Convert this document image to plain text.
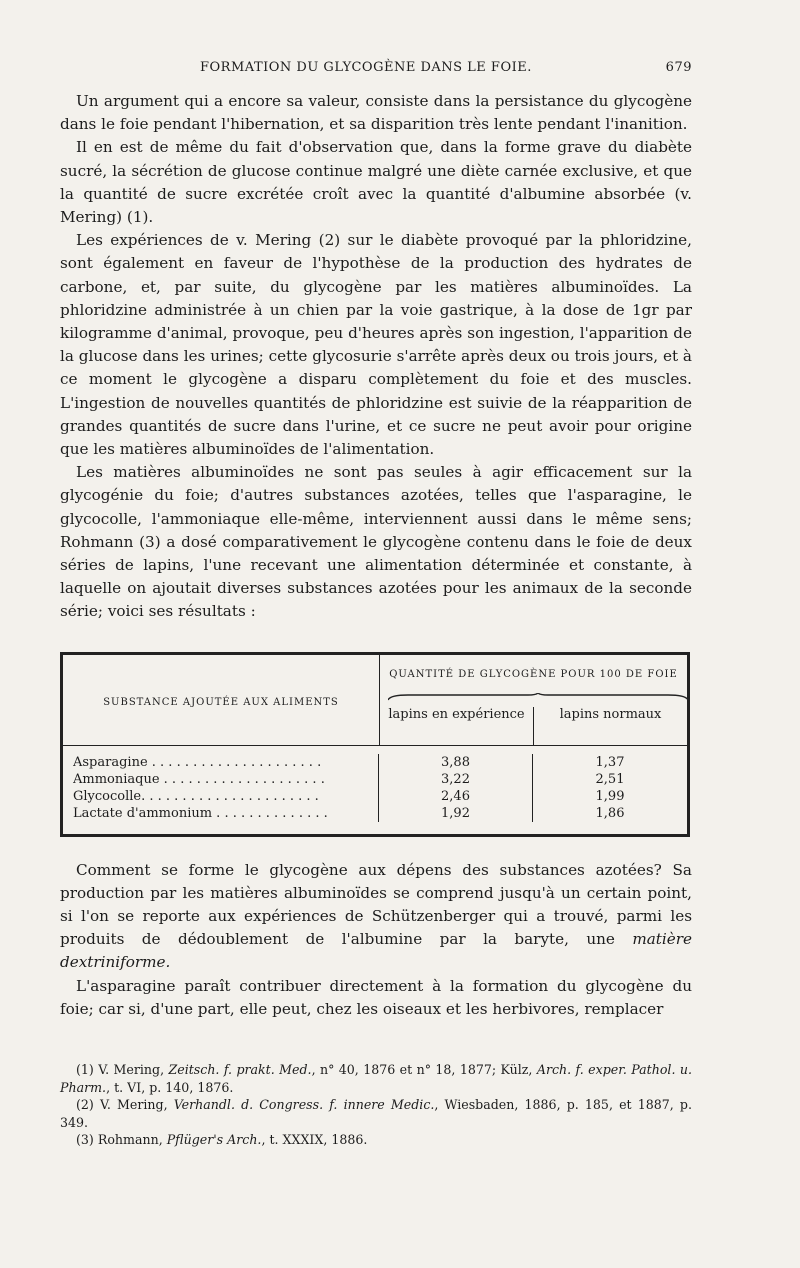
FORMATION DU GLYCOGÈNE DANS LE FOIE.	679

Un argument qui a encore sa valeur, consiste dans la persistance du glycogène dans le foie pendant l'hibernation, et sa disparition très lente pendant l'inanition.

Il en est de même du fait d'observation que, dans la forme grave du diabète sucré, la sécrétion de glucose continue malgré une diète carnée exclusive, et que la quantité de sucre excrétée croît avec la quantité d'albumine absorbée (v. Mering) (1).

Les expériences de v. Mering (2) sur le diabète provoqué par la phloridzine, sont également en faveur de l'hypothèse de la production des hydrates de carbone, et, par suite, du glycogène par les matières albuminoïdes. La phloridzine administrée à un chien par la voie gastrique, à la dose de 1gr par kilogramme d'animal, provoque, peu d'heures après son ingestion, l'apparition de la glucose dans les urines; cette glycosurie s'arrête après deux ou trois jours, et à ce moment le glycogène a disparu complètement du foie et des muscles. L'ingestion de nouvelles quantités de phloridzine est suivie de la réapparition de grandes quantités de sucre dans l'urine, et ce sucre ne peut avoir pour origine que les matières albuminoïdes de l'alimentation.

Les matières albuminoïdes ne sont pas seules à agir efficacement sur la glycogénie du foie; d'autres substances azotées, telles que l'asparagine, le glycocolle, l'ammoniaque elle-même, interviennent aussi dans le même sens; Rohmann (3) a dosé comparativement le glycogène contenu dans le foie de deux séries de lapins, l'une recevant une alimentation déterminée et constante, à laquelle on ajoutait diverses substances azotées pour les animaux de la seconde série; voici ses résultats :

SUBSTANCE AJOUTÉE AUX ALIMENTS
QUANTITÉ DE GLYCOGÈNE POUR 100 DE FOIE
lapins en expérience	lapins normaux
Asparagine . . . . . . . . . . . . . . . . . . . . .
Ammoniaque . . . . . . . . . . . . . . . . . . . .
Glycocolle. . . . . . . . . . . . . . . . . . . . . .
Lactate d'ammonium . . . . . . . . . . . . . .
3,88
3,22
2,46
1,92
1,37
2,51
1,99
1,86

Comment se forme le glycogène aux dépens des substances azotées? Sa production par les matières albuminoïdes se comprend jusqu'à un certain point, si l'on se reporte aux expériences de Schützenberger qui a trouvé, parmi les produits de dédoublement de l'albumine par la baryte, une matière dextriniforme.

L'asparagine paraît contribuer directement à la formation du glycogène du foie; car si, d'une part, elle peut, chez les oiseaux et les herbivores, remplacer

(1) V. Mering, Zeitsch. f. prakt. Med., n° 40, 1876 et n° 18, 1877; Külz, Arch. f. exper. Pathol. u. Pharm., t. VI, p. 140, 1876.

(2) V. Mering, Verhandl. d. Congress. f. innere Medic., Wiesbaden, 1886, p. 185, et 1887, p. 349.

(3) Rohmann, Pflüger's Arch., t. XXXIX, 1886.
